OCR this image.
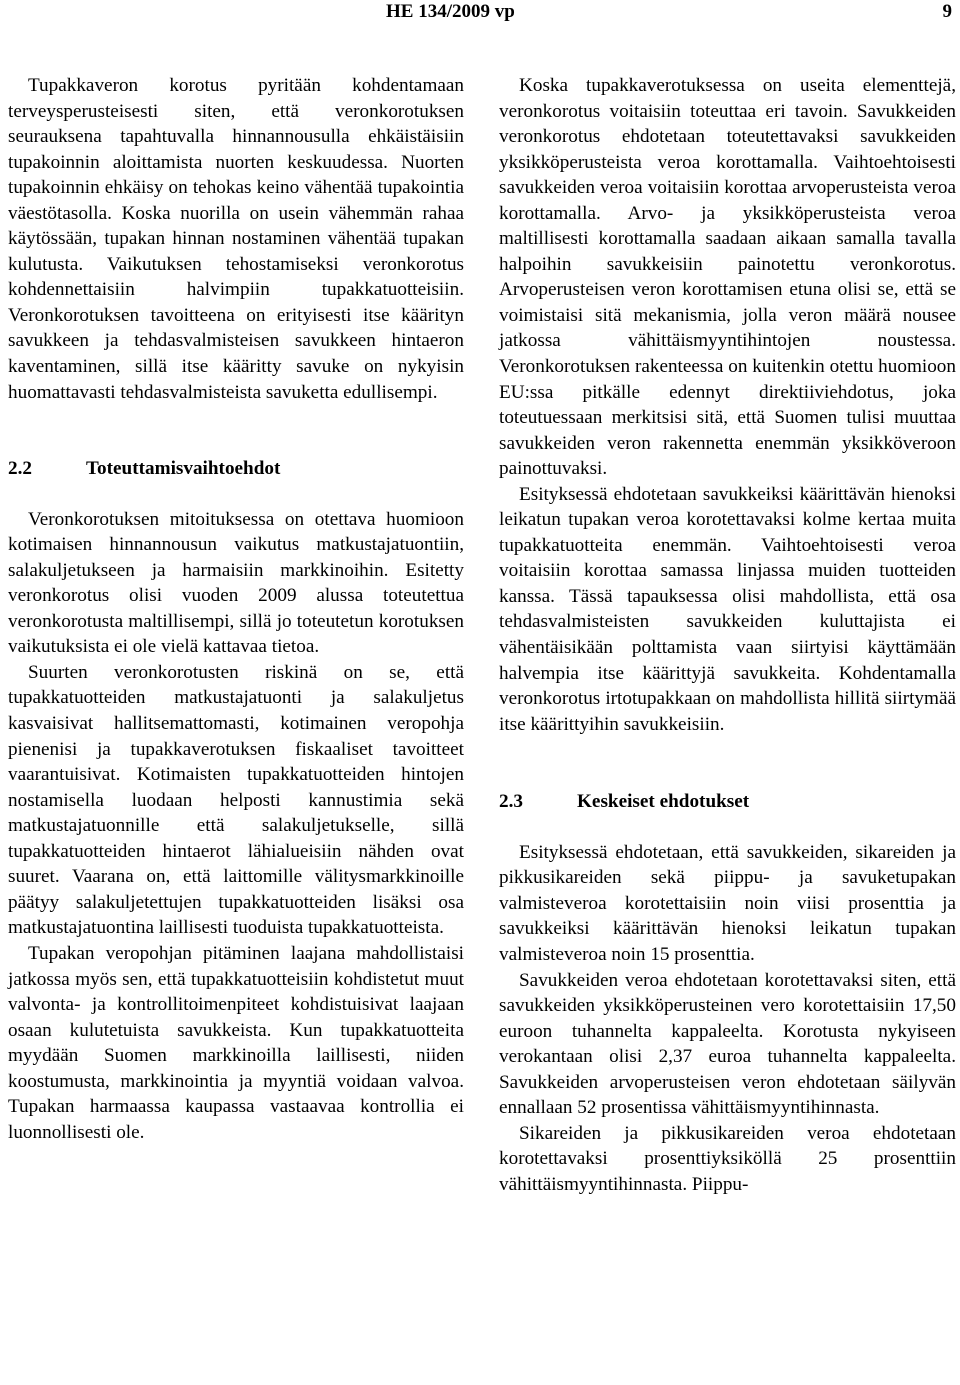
HE 134/2009 vp	9

Tupakkaveron korotus pyritään kohdentamaan terveysperusteisesti siten, että veronkorotuksen seurauksena tapahtuvalla hinnannousulla ehkäistäisiin tupakoinnin aloittamista nuorten keskuudessa. Nuorten tupakoinnin ehkäisy on tehokas keino vähentää tupakointia väestötasolla. Koska nuorilla on usein vähemmän rahaa käytössään, tupakan hinnan nostaminen vähentää tupakan kulutusta. Vaikutuksen tehostamiseksi veronkorotus kohdennettaisiin halvimpiin tupakkatuotteisiin. Veronkorotuksen tavoitteena on erityisesti itse käärityn savukkeen ja tehdasvalmisteisen savukkeen hintaeron kaventaminen, sillä itse kääritty savuke on nykyisin huomattavasti tehdasvalmisteista savuketta edullisempi.

2.2	Toteuttamisvaihtoehdot

Veronkorotuksen mitoituksessa on otettava huomioon kotimaisen hinnannousun vaikutus matkustajatuontiin, salakuljetukseen ja harmaisiin markkinoihin. Esitetty veronkorotus olisi vuoden 2009 alussa toteutettua veronkorotusta maltillisempi, sillä jo toteutetun korotuksen vaikutuksista ei ole vielä kattavaa tietoa.

Suurten veronkorotusten riskinä on se, että tupakkatuotteiden matkustajatuonti ja salakuljetus kasvaisivat hallitsemattomasti, kotimainen veropohja pienenisi ja tupakkaverotuksen fiskaaliset tavoitteet vaarantuisivat. Kotimaisten tupakkatuotteiden hintojen nostamisella luodaan helposti kannustimia sekä matkustajatuonnille että salakuljetukselle, sillä tupakkatuotteiden hintaerot lähialueisiin nähden ovat suuret. Vaarana on, että laittomille välitysmarkkinoille päätyy salakuljetettujen tupakkatuotteiden lisäksi osa matkustajatuontina laillisesti tuoduista tupakkatuotteista.

Tupakan veropohjan pitäminen laajana mahdollistaisi jatkossa myös sen, että tupakkatuotteisiin kohdistetut muut valvonta- ja kontrollitoimenpiteet kohdistuisivat laajaan osaan kulutetuista savukkeista. Kun tupakkatuotteita myydään Suomen markkinoilla laillisesti, niiden koostumusta, markkinointia ja myyntiä voidaan valvoa. Tupakan harmaassa kaupassa vastaavaa kontrollia ei luonnollisesti ole.

Koska tupakkaverotuksessa on useita elementtejä, veronkorotus voitaisiin toteuttaa eri tavoin. Savukkeiden veronkorotus ehdotetaan toteutettavaksi savukkeiden yksikköperusteista veroa korottamalla. Vaihtoehtoisesti savukkeiden veroa voitaisiin korottaa arvoperusteista veroa korottamalla. Arvo- ja yksikköperusteista veroa maltillisesti korottamalla saadaan aikaan samalla tavalla halpoihin savukkeisiin painotettu veronkorotus. Arvoperusteisen veron korottamisen etuna olisi se, että se voimistaisi sitä mekanismia, jolla veron määrä nousee jatkossa vähittäismyyntihintojen noustessa. Veronkorotuksen rakenteessa on kuitenkin otettu huomioon EU:ssa pitkälle edennyt direktiiviehdotus, joka toteutuessaan merkitsisi sitä, että Suomen tulisi muuttaa savukkeiden veron rakennetta enemmän yksikköveroon painottuvaksi.

Esityksessä ehdotetaan savukkeiksi käärittävän hienoksi leikatun tupakan veroa korotettavaksi kolme kertaa muita tupakkatuotteita enemmän. Vaihtoehtoisesti veroa voitaisiin korottaa samassa linjassa muiden tuotteiden kanssa. Tässä tapauksessa olisi mahdollista, että osa tehdasvalmisteisten savukkeiden kuluttajista ei vähentäisikään polttamista vaan siirtyisi käyttämään halvempia itse käärittyjä savukkeita. Kohdentamalla veronkorotus irtotupakkaan on mahdollista hillitä siirtymää itse käärittyihin savukkeisiin.

2.3	Keskeiset ehdotukset

Esityksessä ehdotetaan, että savukkeiden, sikareiden ja pikkusikareiden sekä piippu- ja savuketupakan valmisteveroa korotettaisiin noin viisi prosenttia ja savukkeiksi käärittävän hienoksi leikatun tupakan valmisteveroa noin 15 prosenttia.

Savukkeiden veroa ehdotetaan korotettavaksi siten, että savukkeiden yksikköperusteinen vero korotettaisiin 17,50 euroon tuhannelta kappaleelta. Korotusta nykyiseen verokantaan olisi 2,37 euroa tuhannelta kappaleelta. Savukkeiden arvoperusteisen veron ehdotetaan säilyvän ennallaan 52 prosentissa vähittäismyyntihinnasta.

Sikareiden ja pikkusikareiden veroa ehdotetaan korotettavaksi prosenttiyksiköllä 25 prosenttiin vähittäismyyntihinnasta. Piippu-
